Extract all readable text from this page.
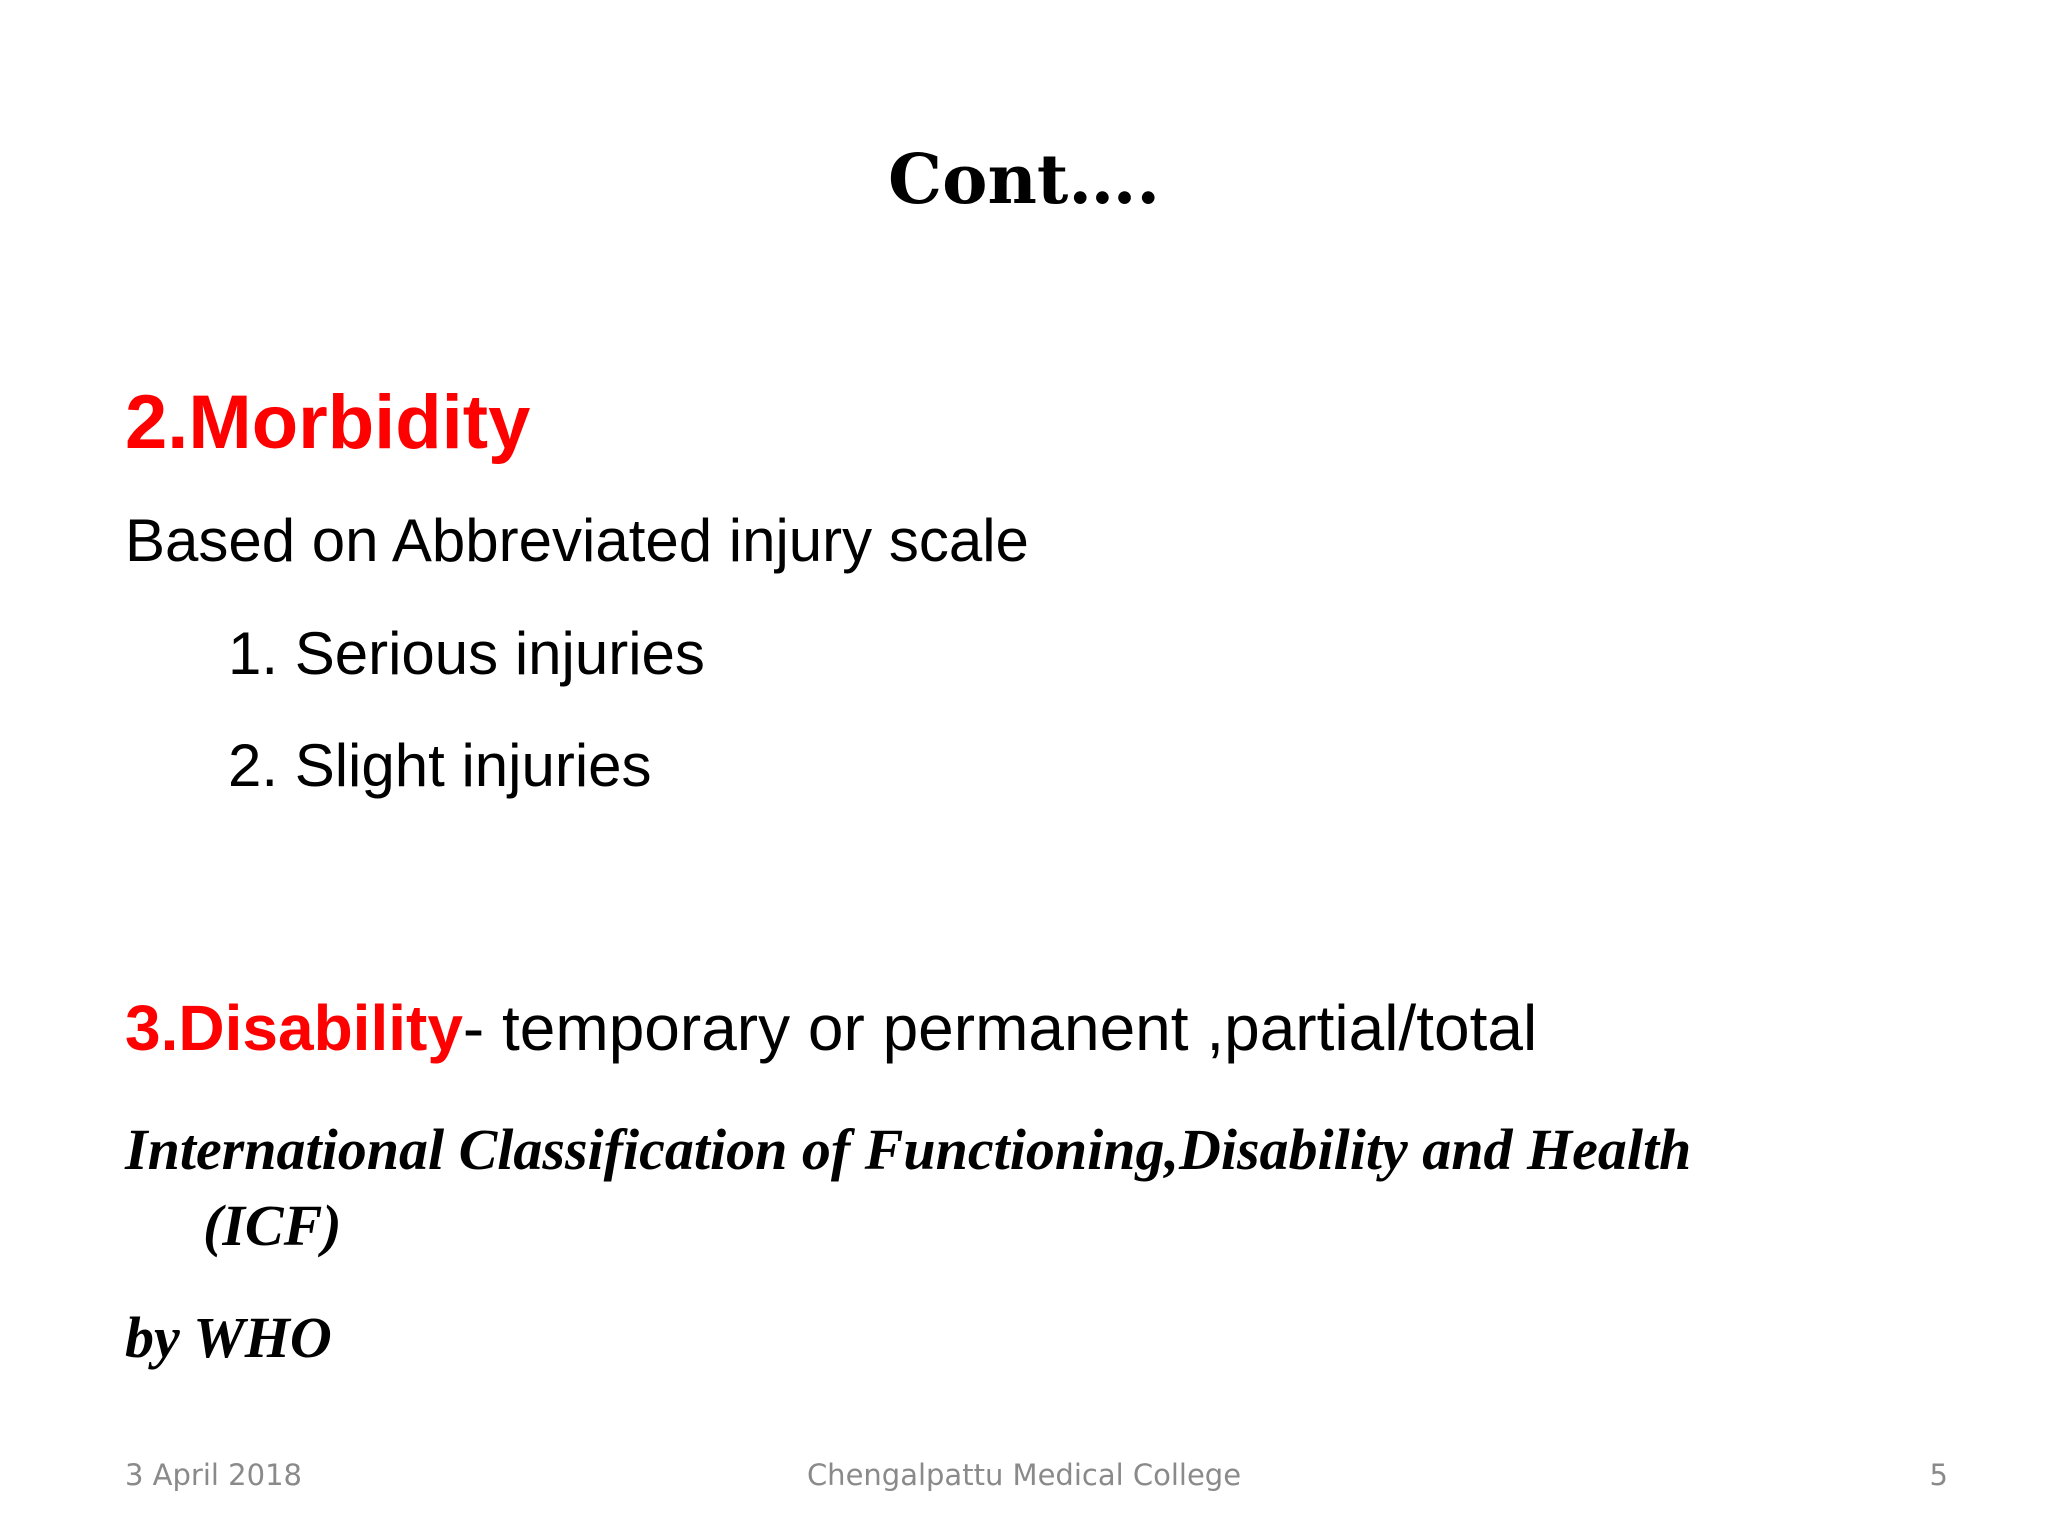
Cont….
2.Morbidity
Based on Abbreviated injury scale
1. Serious injuries
2. Slight injuries
3.Disability- temporary or permanent ,partial/total
International Classification of Functioning,Disability and Health
(ICF)
by WHO
Chengalpattu Medical College
3 April 2018	5
